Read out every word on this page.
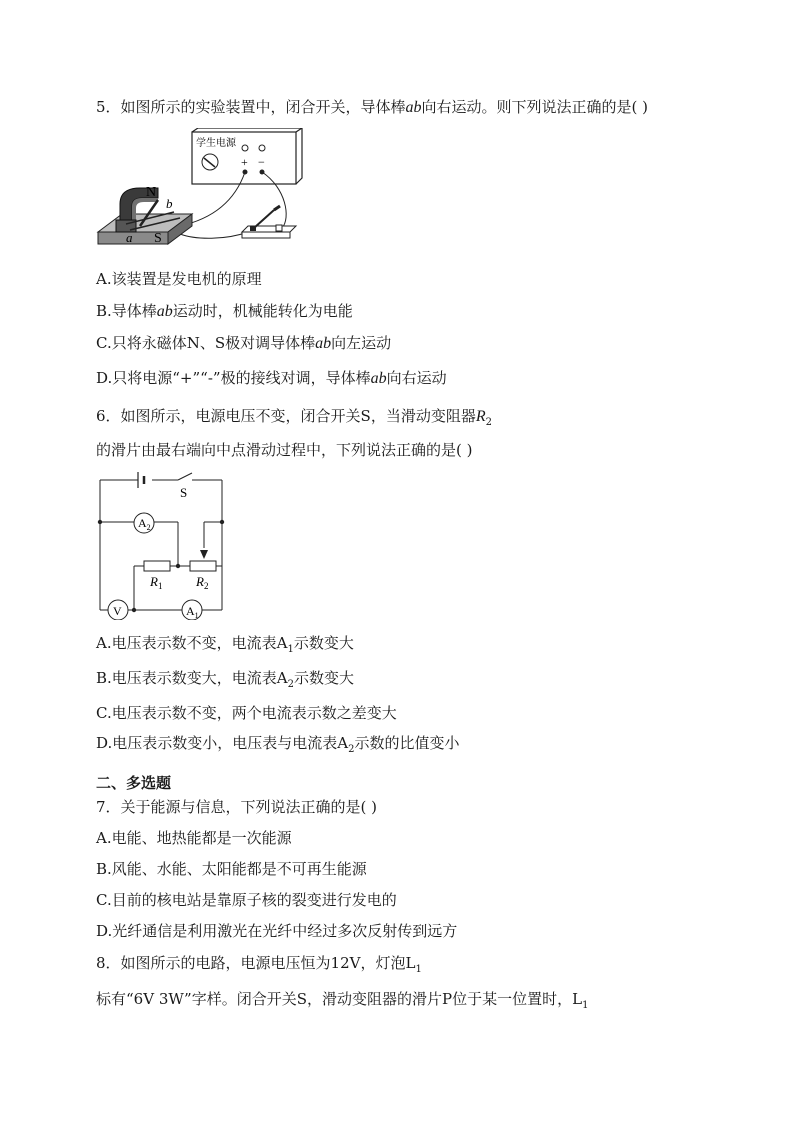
5．如图所示的实验装置中，闭合开关，导体棒ab向右运动。则下列说法正确的是( )
学生电源
+ −
N
b
a S
A.该装置是发电机的原理
B.导体棒ab运动时，机械能转化为电能
C.只将永磁体N、S极对调导体棒ab向左运动
D.只将电源“+”“-”极的接线对调，导体棒ab向右运动
6．如图所示，电源电压不变，闭合开关S，当滑动变阻器$R_2$
的滑片由最右端向中点滑动过程中，下列说法正确的是( )
S
$A_2$
$R_1$	$R_2$
V	$A_1$
A.电压表示数不变，电流表$A_1$示数变大
B.电压表示数变大，电流表$A_2$示数变大
C.电压表示数不变，两个电流表示数之差变大
D.电压表示数变小，电压表与电流表$A_2$示数的比值变小
二、多选题
7．关于能源与信息，下列说法正确的是( )
A.电能、地热能都是一次能源
B.风能、水能、太阳能都是不可再生能源
C.目前的核电站是靠原子核的裂变进行发电的
D.光纤通信是利用激光在光纤中经过多次反射传到远方
8．如图所示的电路，电源电压恒为12V，灯泡$L_1$
标有“6V 3W”字样。闭合开关S，滑动变阻器的滑片P位于某一位置时，$L_1$
